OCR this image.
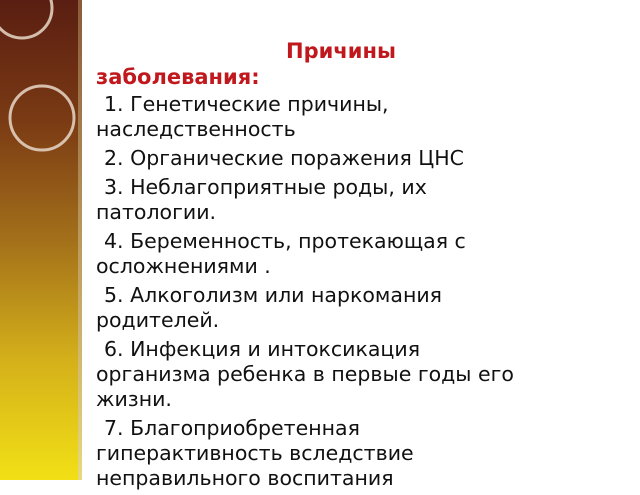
Причины
заболевания:
1. Генетические причины,
наследственность
2. Органические поражения ЦНС
3. Неблагоприятные роды, их
патологии.
4. Беременность, протекающая с
осложнениями .
5. Алкоголизм или наркомания
родителей.
6. Инфекция и интоксикация
организма ребенка в первые годы его
жизни.
7. Благоприобретенная
гиперактивность вследствие
неправильного воспитания
